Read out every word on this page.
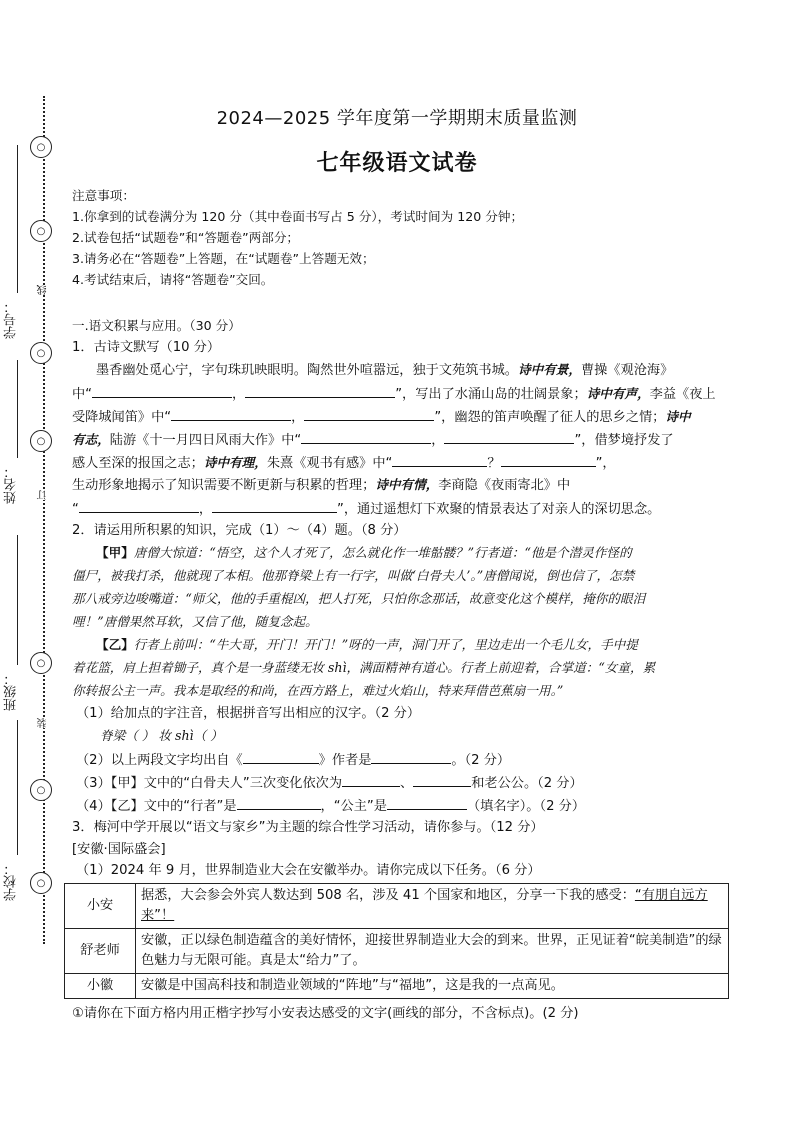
○
○
○
○
○
○
○
线
订
装
学号：
姓名：
班级：
学校：
2024—2025 学年度第一学期期末质量监测
七年级语文试卷
注意事项：
1.你拿到的试卷满分为 120 分（其中卷面书写占 5 分），考试时间为 120 分钟；
2.试卷包括“试题卷”和“答题卷”两部分；
3.请务必在“答题卷”上答题，在“试题卷”上答题无效；
4.考试结束后，请将“答题卷”交回。
一.语文积累与应用。（30 分）
1．古诗文默写（10 分）
墨香幽处觅心宁，字句珠玑映眼明。陶然世外喧嚣远，独于文苑筑书城。诗中有景，曹操《观沧海》
中“	，	”，写出了水涌山岛的壮阔景象；诗中有声，李益《夜上
受降城闻笛》中“	，	”，幽怨的笛声唤醒了征人的思乡之情；诗中
有志，陆游《十一月四日风雨大作》中“	，	”，借梦境抒发了
感人至深的报国之志；诗中有理，朱熹《观书有感》中“	？	”，
生动形象地揭示了知识需要不断更新与积累的哲理；诗中有情，李商隐《夜雨寄北》中
“	，	”，通过遥想灯下欢聚的情景表达了对亲人的深切思念。
2．请运用所积累的知识，完成（1）～（4）题。（8 分）
【甲】唐僧大惊道：“悟空，这个人才死了，怎么就化作一堆骷髅？”行者道：“他是个潜灵作怪的
僵尸，被我打杀，他就现了本相。他那脊梁上有一行字，叫做‘白骨夫人’。”唐僧闻说，倒也信了，怎禁
那八戒旁边唆嘴道：“师父，他的手重棍凶，把人打死，只怕你念那话，故意变化这个模样，掩你的眼泪
哩！”唐僧果然耳软，又信了他，随复念起。
【乙】行者上前叫：“牛大哥，开门！开门！”呀的一声，洞门开了，里边走出一个毛儿女，手中提
着花篮，肩上担着锄子，真个是一身蓝缕无妆 shì，满面精神有道心。行者上前迎着，合掌道：“女童，累
你转报公主一声。我本是取经的和尚，在西方路上，难过火焰山，特来拜借芭蕉扇一用。”
（1）给加点的字注音，根据拼音写出相应的汉字。（2 分）
脊梁（ ） 妆 shì（ ）
（2）以上两段文字均出自《	》作者是	。（2 分）
（3）【甲】文中的“白骨夫人”三次变化依次为	、	和老公公。（2 分）
（4）【乙】文中的“行者”是	，“公主”是	（填名字）。（2 分）
3．梅河中学开展以“语文与家乡”为主题的综合性学习活动，请你参与。（12 分）
[安徽·国际盛会]
（1）2024 年 9 月，世界制造业大会在安徽举办。请你完成以下任务。（6 分）
小安	据悉，大会参会外宾人数达到 508 名，涉及 41 个国家和地区，分享一下我的感受：“有朋自远方来”！
舒老师	安徽，正以绿色制造蕴含的美好情怀，迎接世界制造业大会的到来。世界，正见证着“皖美制造”的绿色魅力与无限可能。真是太“给力”了。
小徽	安徽是中国高科技和制造业领域的“阵地”与“福地”，这是我的一点高见。
①请你在下面方格内用正楷字抄写小安表达感受的文字(画线的部分，不含标点)。(2 分)
